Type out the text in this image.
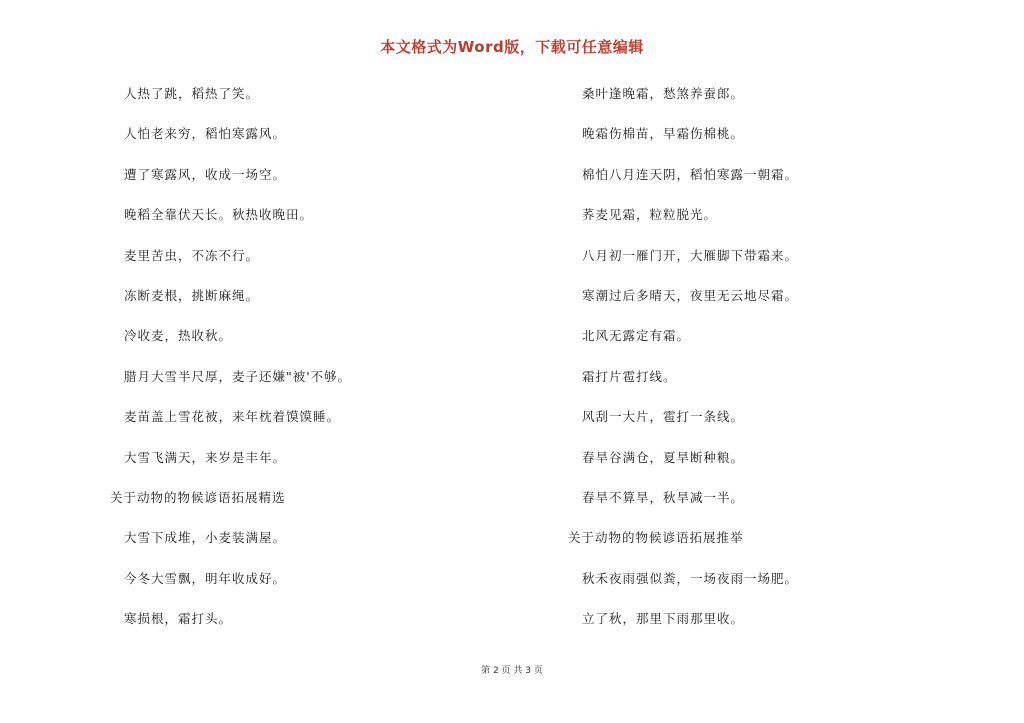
本文格式为Word版，下载可任意编辑
人热了跳，稻热了笑。
人怕老来穷，稻怕寒露风。
遭了寒露风，收成一场空。
晚稻全靠伏天长。秋热收晚田。
麦里苦虫，不冻不行。
冻断麦根，挑断麻绳。
冷收麦，热收秋。
腊月大雪半尺厚，麦子还嫌"被'不够。
麦苗盖上雪花被，来年枕着馍馍睡。
大雪飞满天，来岁是丰年。
关于动物的物候谚语拓展精选
大雪下成堆，小麦装满屋。
今冬大雪飘，明年收成好。
寒损根，霜打头。
桑叶逢晚霜，愁煞养蚕郎。
晚霜伤棉苗，早霜伤棉桃。
棉怕八月连天阴，稻怕寒露一朝霜。
荞麦见霜，粒粒脱光。
八月初一雁门开，大雁脚下带霜来。
寒潮过后多晴天，夜里无云地尽霜。
北风无露定有霜。
霜打片雹打线。
风刮一大片，雹打一条线。
春旱谷满仓，夏旱断种粮。
春旱不算旱，秋旱减一半。
关于动物的物候谚语拓展推举
秋禾夜雨强似粪，一场夜雨一场肥。
立了秋，那里下雨那里收。
第 2 页 共 3 页
